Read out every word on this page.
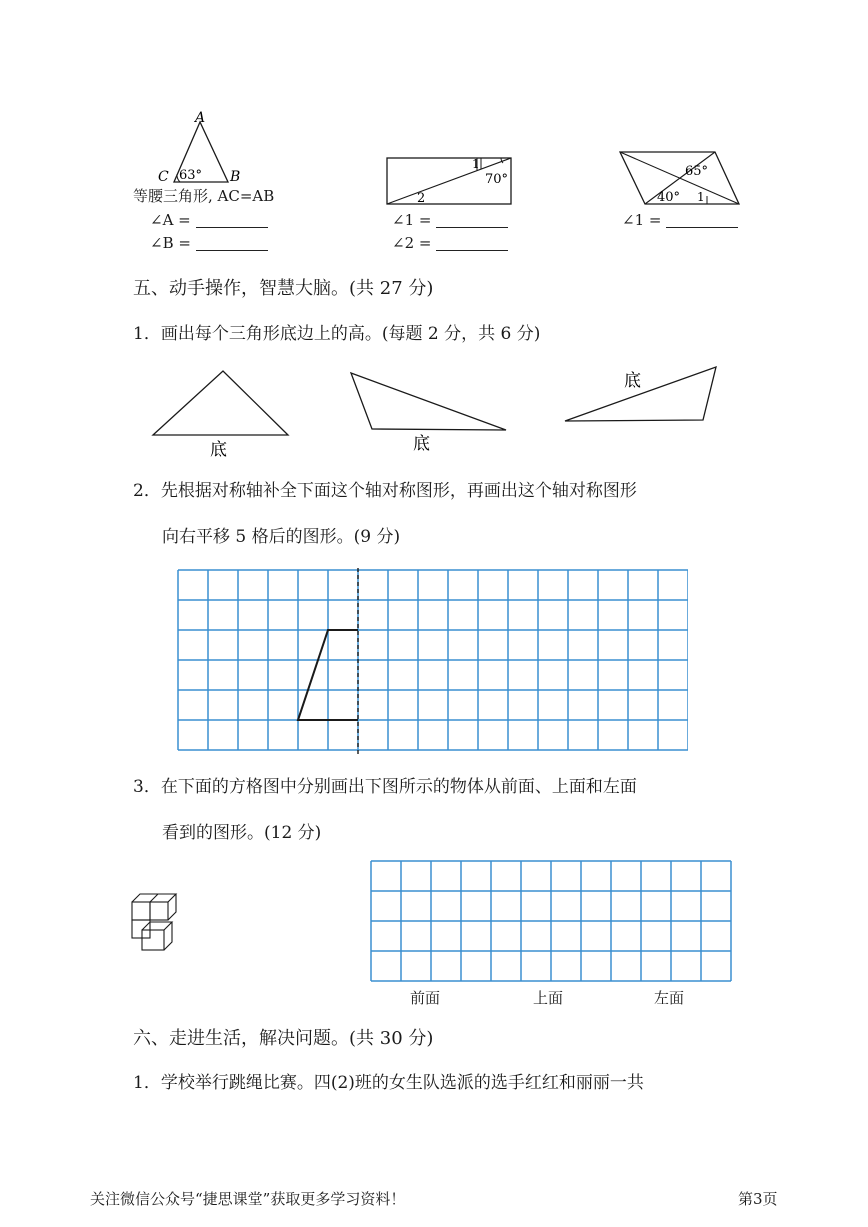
A
C	B
63°
等腰三角形, AC=AB
∠A =
∠B =
1
70°
2
∠1 =
∠2 =
65°
40° 1
∠1 =
五、动手操作，智慧大脑。(共 27 分)
1．画出每个三角形底边上的高。(每题 2 分，共 6 分)
底	底
底
2．先根据对称轴补全下面这个轴对称图形，再画出这个轴对称图形
向右平移 5 格后的图形。(9 分)
3．在下面的方格图中分别画出下图所示的物体从前面、上面和左面
看到的图形。(12 分)
前面	上面	左面
六、走进生活，解决问题。(共 30 分)
1．学校举行跳绳比赛。四(2)班的女生队选派的选手红红和丽丽一共
关注微信公众号“捷思课堂”获取更多学习资料！	第3页
